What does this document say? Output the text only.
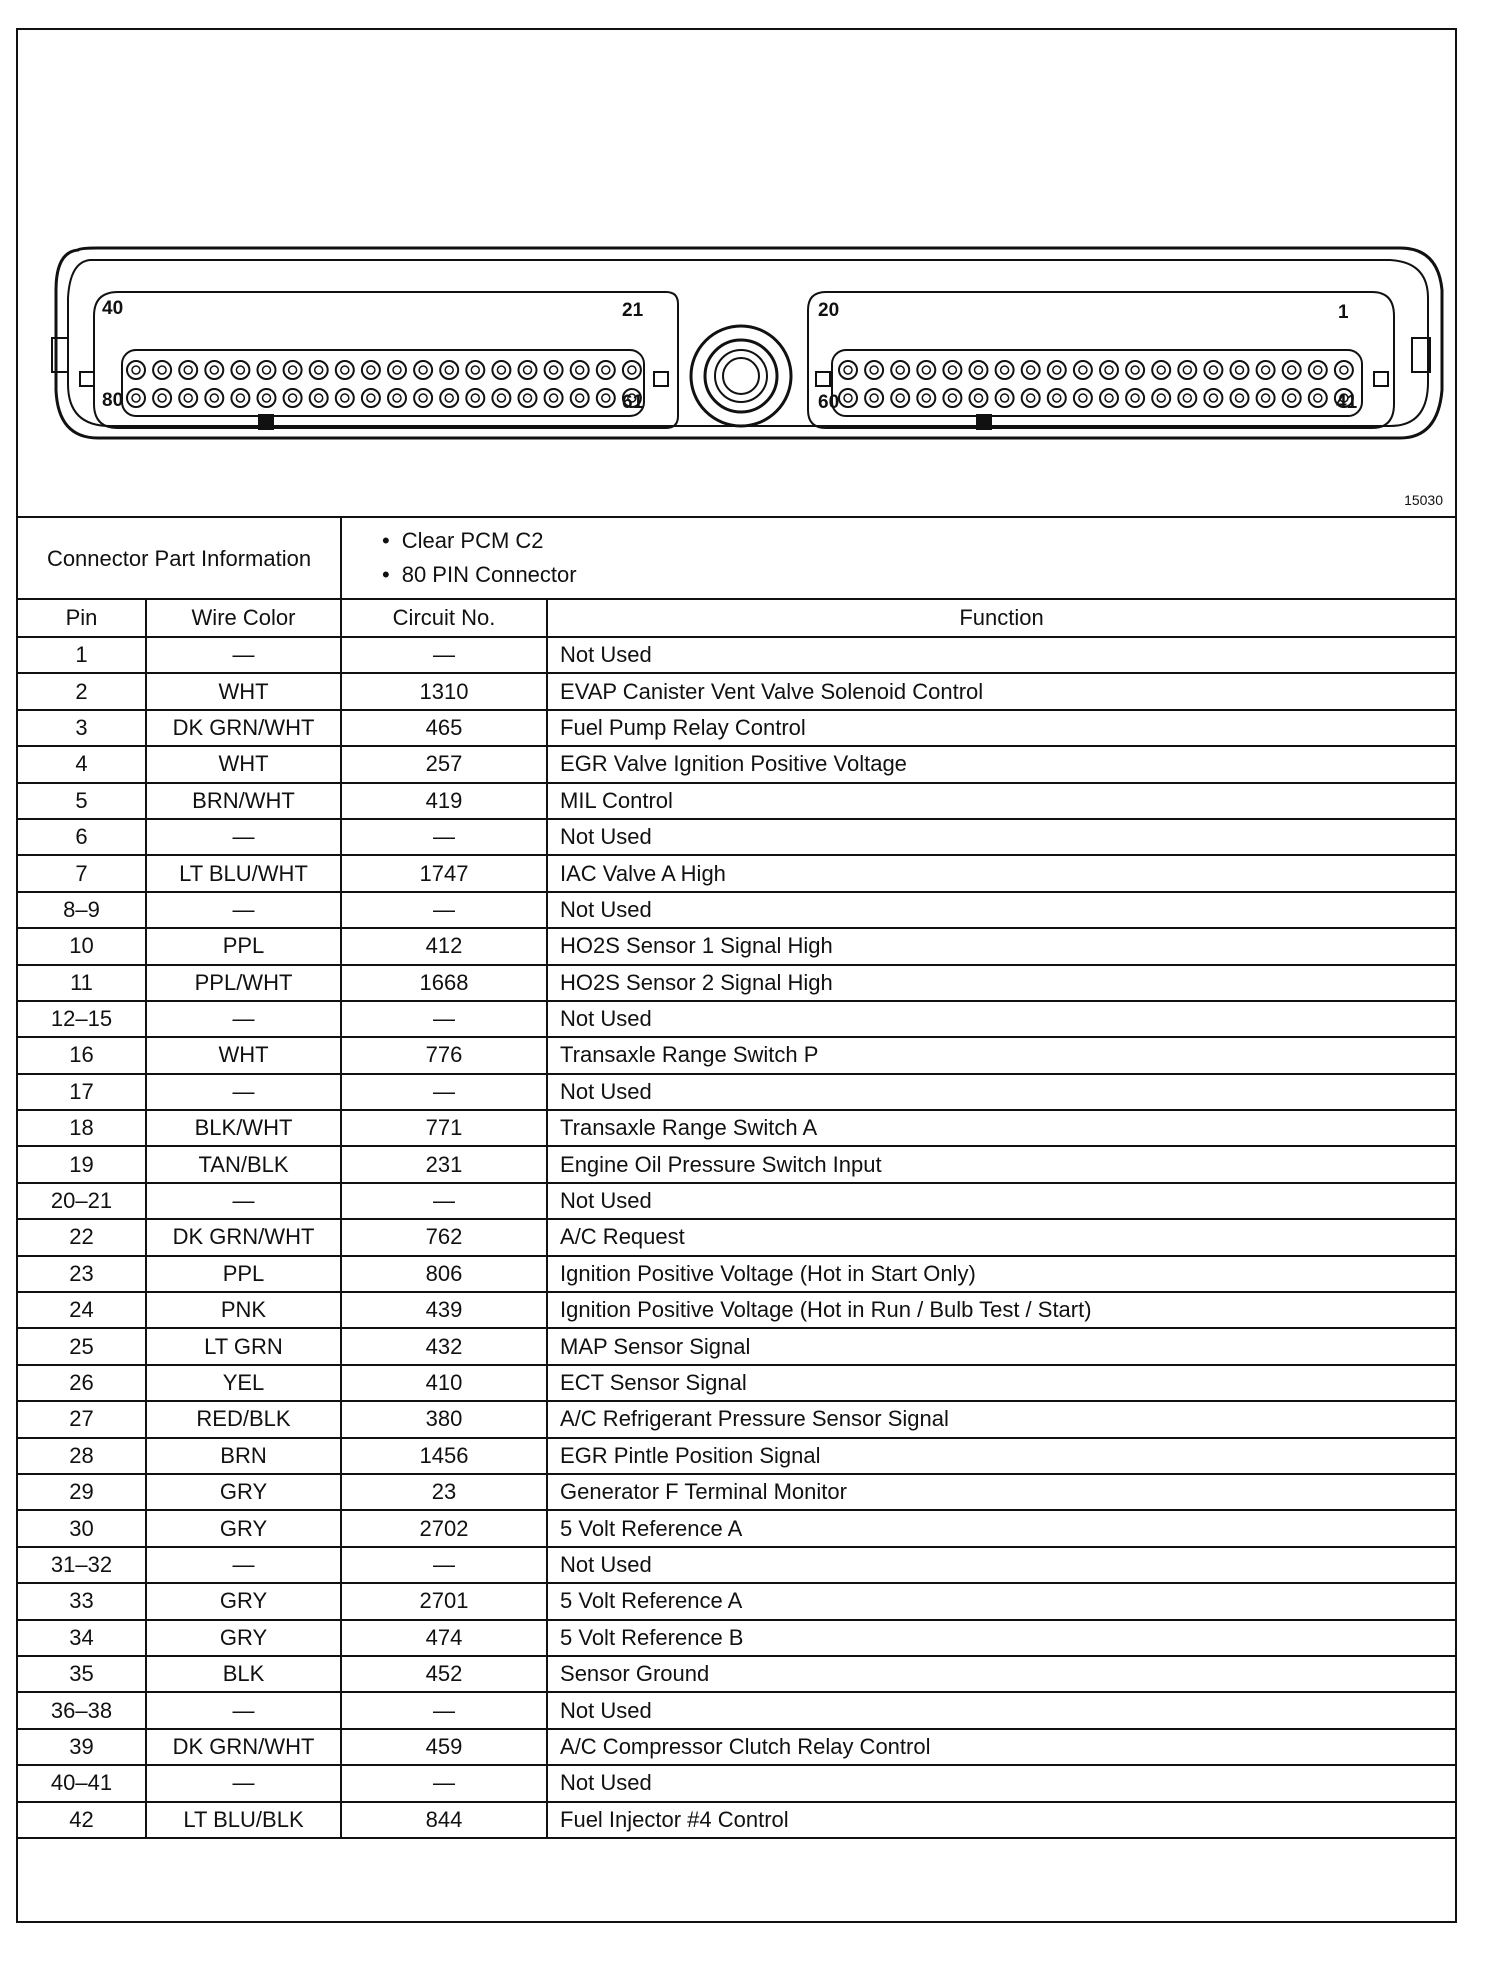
40	21
80	61
20	1
60	41
15030
Connector Part Information		• Clear PCM C2
• 80 PIN Connector

Pin	Wire Color	Circuit No.	Function
1	—	—	Not Used
2	WHT	1310	EVAP Canister Vent Valve Solenoid Control
3	DK GRN/WHT	465	Fuel Pump Relay Control
4	WHT	257	EGR Valve Ignition Positive Voltage
5	BRN/WHT	419	MIL Control
6	—	—	Not Used
7	LT BLU/WHT	1747	IAC Valve A High
8–9	—	—	Not Used
10	PPL	412	HO2S Sensor 1 Signal High
11	PPL/WHT	1668	HO2S Sensor 2 Signal High
12–15	—	—	Not Used
16	WHT	776	Transaxle Range Switch P
17	—	—	Not Used
18	BLK/WHT	771	Transaxle Range Switch A
19	TAN/BLK	231	Engine Oil Pressure Switch Input
20–21	—	—	Not Used
22	DK GRN/WHT	762	A/C Request
23	PPL	806	Ignition Positive Voltage (Hot in Start Only)
24	PNK	439	Ignition Positive Voltage (Hot in Run / Bulb Test / Start)
25	LT GRN	432	MAP Sensor Signal
26	YEL	410	ECT Sensor Signal
27	RED/BLK	380	A/C Refrigerant Pressure Sensor Signal
28	BRN	1456	EGR Pintle Position Signal
29	GRY	23	Generator F Terminal Monitor
30	GRY	2702	5 Volt Reference A
31–32	—	—	Not Used
33	GRY	2701	5 Volt Reference A
34	GRY	474	5 Volt Reference B
35	BLK	452	Sensor Ground
36–38	—	—	Not Used
39	DK GRN/WHT	459	A/C Compressor Clutch Relay Control
40–41	—	—	Not Used
42	LT BLU/BLK	844	Fuel Injector #4 Control
